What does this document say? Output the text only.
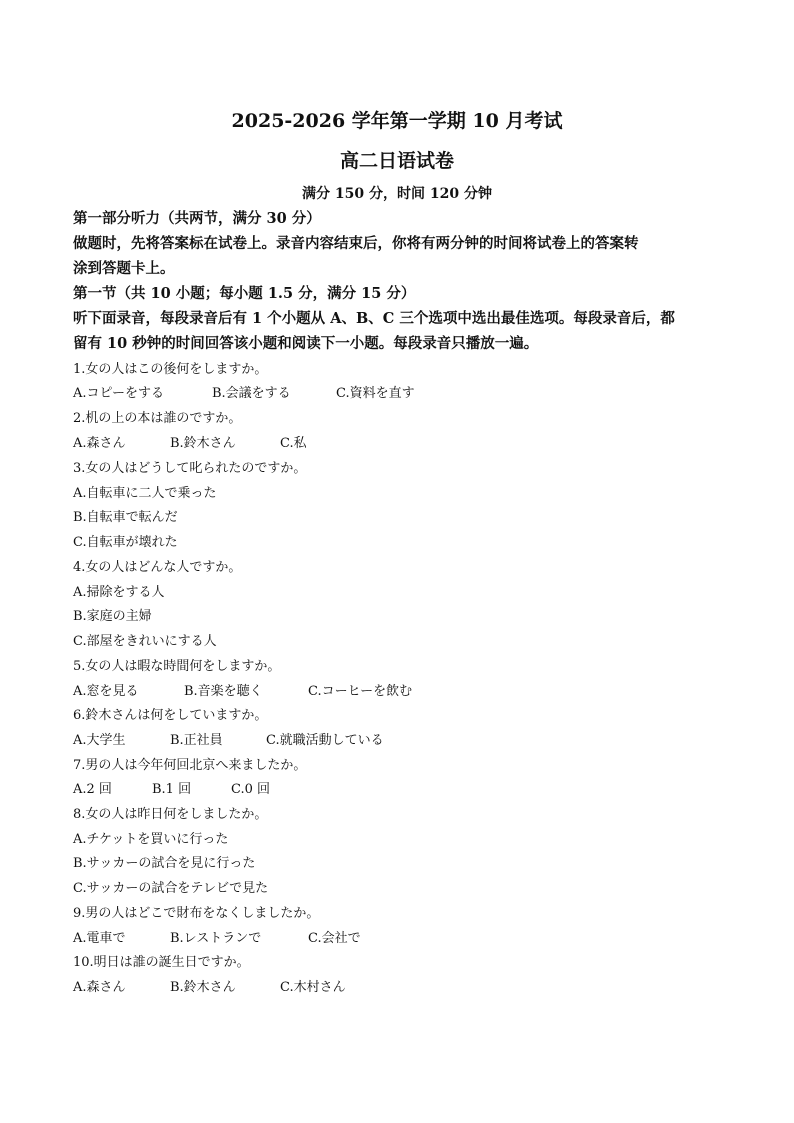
2025-2026 学年第一学期 10 月考试
高二日语试卷
满分 150 分，时间 120 分钟
第一部分听力（共两节，满分 30 分）
做题时，先将答案标在试卷上。录音内容结束后，你将有两分钟的时间将试卷上的答案转
涂到答题卡上。
第一节（共 10 小题；每小题 1.5 分，满分 15 分）
听下面录音，每段录音后有 1 个小题从 A、B、C 三个选项中选出最佳选项。每段录音后，都
留有 10 秒钟的时间回答该小题和阅读下一小题。每段录音只播放一遍。
1.女の人はこの後何をしますか。
A.コピーをする	B.会議をする	C.資料を直す
2.机の上の本は誰のですか。
A.森さん	B.鈴木さん	C.私
3.女の人はどうして叱られたのですか。
A.自転車に二人で乗った
B.自転車で転んだ
C.自転車が壊れた
4.女の人はどんな人ですか。
A.掃除をする人
B.家庭の主婦
C.部屋をきれいにする人
5.女の人は暇な時間何をしますか。
A.窓を見る	B.音楽を聴く	C.コーヒーを飲む
6.鈴木さんは何をしていますか。
A.大学生	B.正社員	C.就職活動している
7.男の人は今年何回北京へ来ましたか。
A.2 回	B.1 回	C.0 回
8.女の人は昨日何をしましたか。
A.チケットを買いに行った
B.サッカーの試合を見に行った
C.サッカーの試合をテレビで見た
9.男の人はどこで財布をなくしましたか。
A.電車で	B.レストランで	C.会社で
10.明日は誰の誕生日ですか。
A.森さん	B.鈴木さん	C.木村さん
